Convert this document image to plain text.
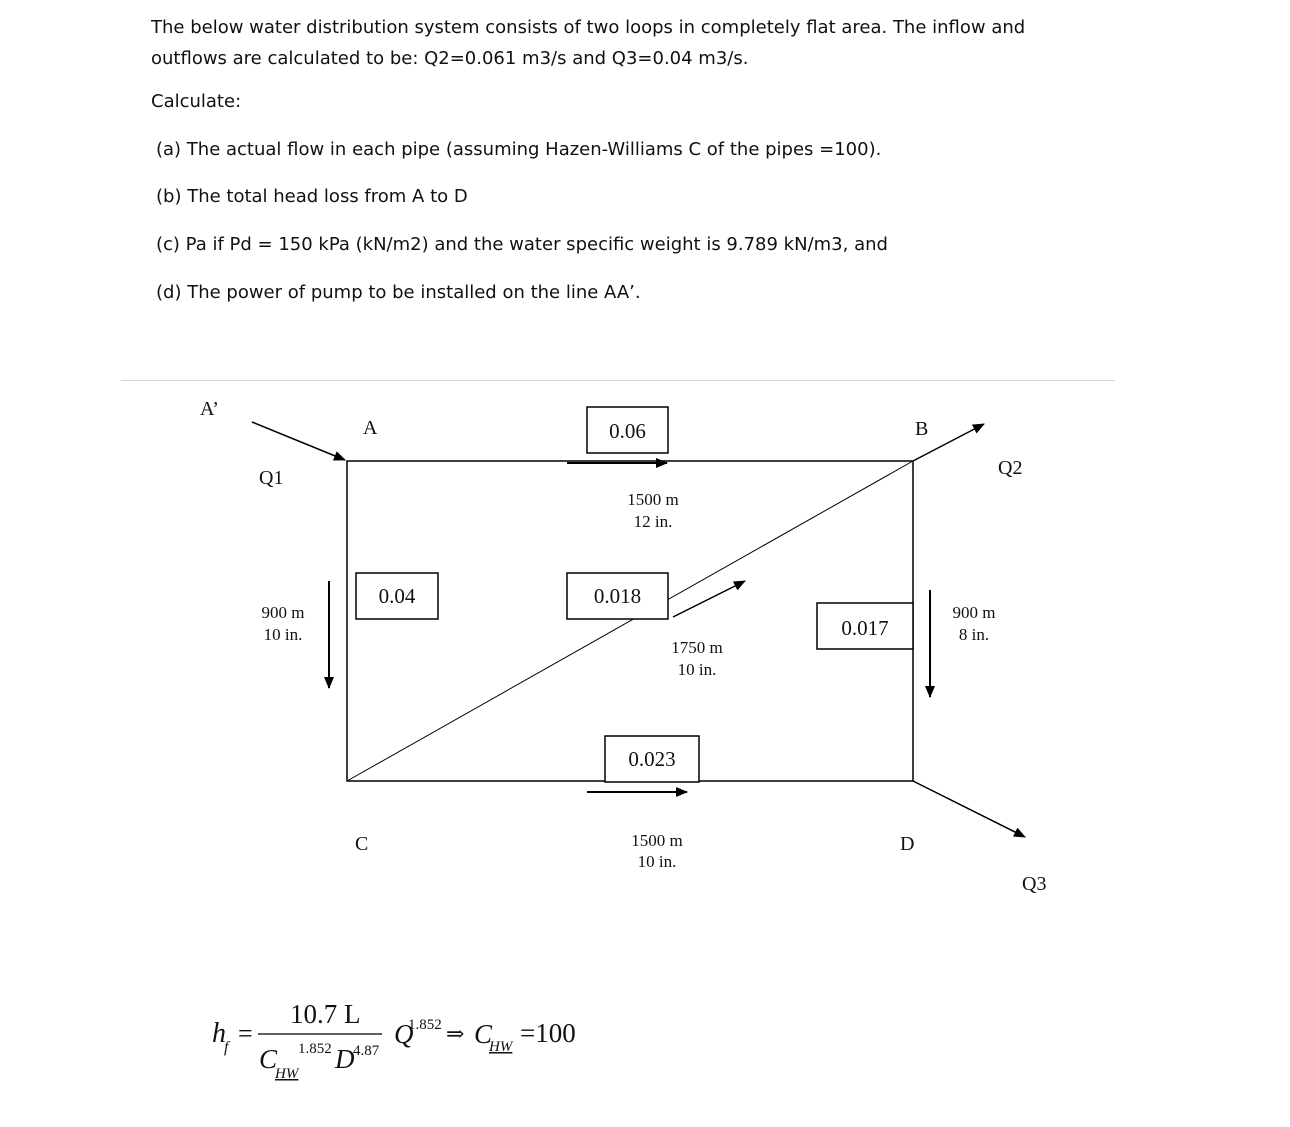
The below water distribution system consists of two loops in completely flat area. The inflow and
outflows are calculated to be: Q2=0.061 m3/s and Q3=0.04 m3/s.

Calculate:

(a) The actual flow in each pipe (assuming Hazen-Williams C of the pipes =100).

(b) The total head loss from A to D

(c) Pa if Pd = 150 kPa (kN/m2) and the water specific weight is 9.789 kN/m3, and

(d) The power of pump to be installed on the line AA’.

A’
A	B
C	D
Q1	Q2
Q3
0.06
0.04	0.018
0.017
0.023
1500 m
12 in.
900 m
10 in.
1750 m
10 in.
900 m
8 in.
1500 m
10 in.
h
f =
10.7 L
C
HW
1.852 D
4.87
Q
1.852 ⇒ C
HW =100
